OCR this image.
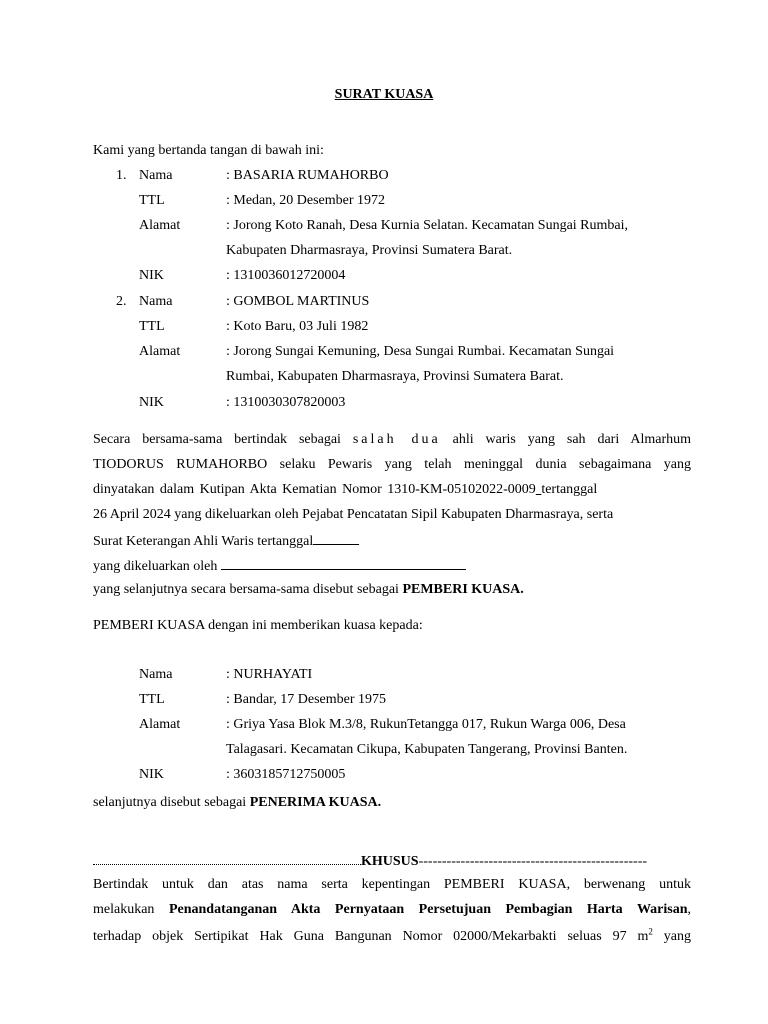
SURAT KUASA
Kami yang bertanda tangan di bawah ini:
1. Nama	: BASARIA RUMAHORBO
TTL	: Medan, 20 Desember 1972
Alamat	: Jorong Koto Ranah, Desa Kurnia Selatan. Kecamatan Sungai Rumbai,
Kabupaten Dharmasraya, Provinsi Sumatera Barat.
NIK	: 1310036012720004
2. Nama	: GOMBOL MARTINUS
TTL	: Koto Baru, 03 Juli 1982
Alamat	: Jorong Sungai Kemuning, Desa Sungai Rumbai. Kecamatan Sungai
Rumbai, Kabupaten Dharmasraya, Provinsi Sumatera Barat.
NIK	: 1310030307820003
Secara bersama-sama bertindak sebagai salah dua ahli waris yang sah dari Almarhum
TIODORUS RUMAHORBO selaku Pewaris yang telah meninggal dunia sebagaimana yang
dinyatakan dalam Kutipan Akta Kematian Nomor 1310-KM-05102022-0009 tertanggal
26 April 2024 yang dikeluarkan oleh Pejabat Pencatatan Sipil Kabupaten Dharmasraya, serta
Surat Keterangan Ahli Waris tertanggal
yang dikeluarkan oleh
yang selanjutnya secara bersama-sama disebut sebagai PEMBERI KUASA.
PEMBERI KUASA dengan ini memberikan kuasa kepada:
Nama	: NURHAYATI
TTL	: Bandar, 17 Desember 1975
Alamat	: Griya Yasa Blok M.3/8, RukunTetangga 017, Rukun Warga 006, Desa
Talagasari. Kecamatan Cikupa, Kabupaten Tangerang, Provinsi Banten.
NIK	: 3603185712750005
selanjutnya disebut sebagai PENERIMA KUASA.
KHUSUS-------------------------------------------------
Bertindak untuk dan atas nama serta kepentingan PEMBERI KUASA, berwenang untuk
melakukan Penandatanganan Akta Pernyataan Persetujuan Pembagian Harta Warisan,
terhadap objek Sertipikat Hak Guna Bangunan Nomor 02000/Mekarbakti seluas 97 $m^2$ yang
